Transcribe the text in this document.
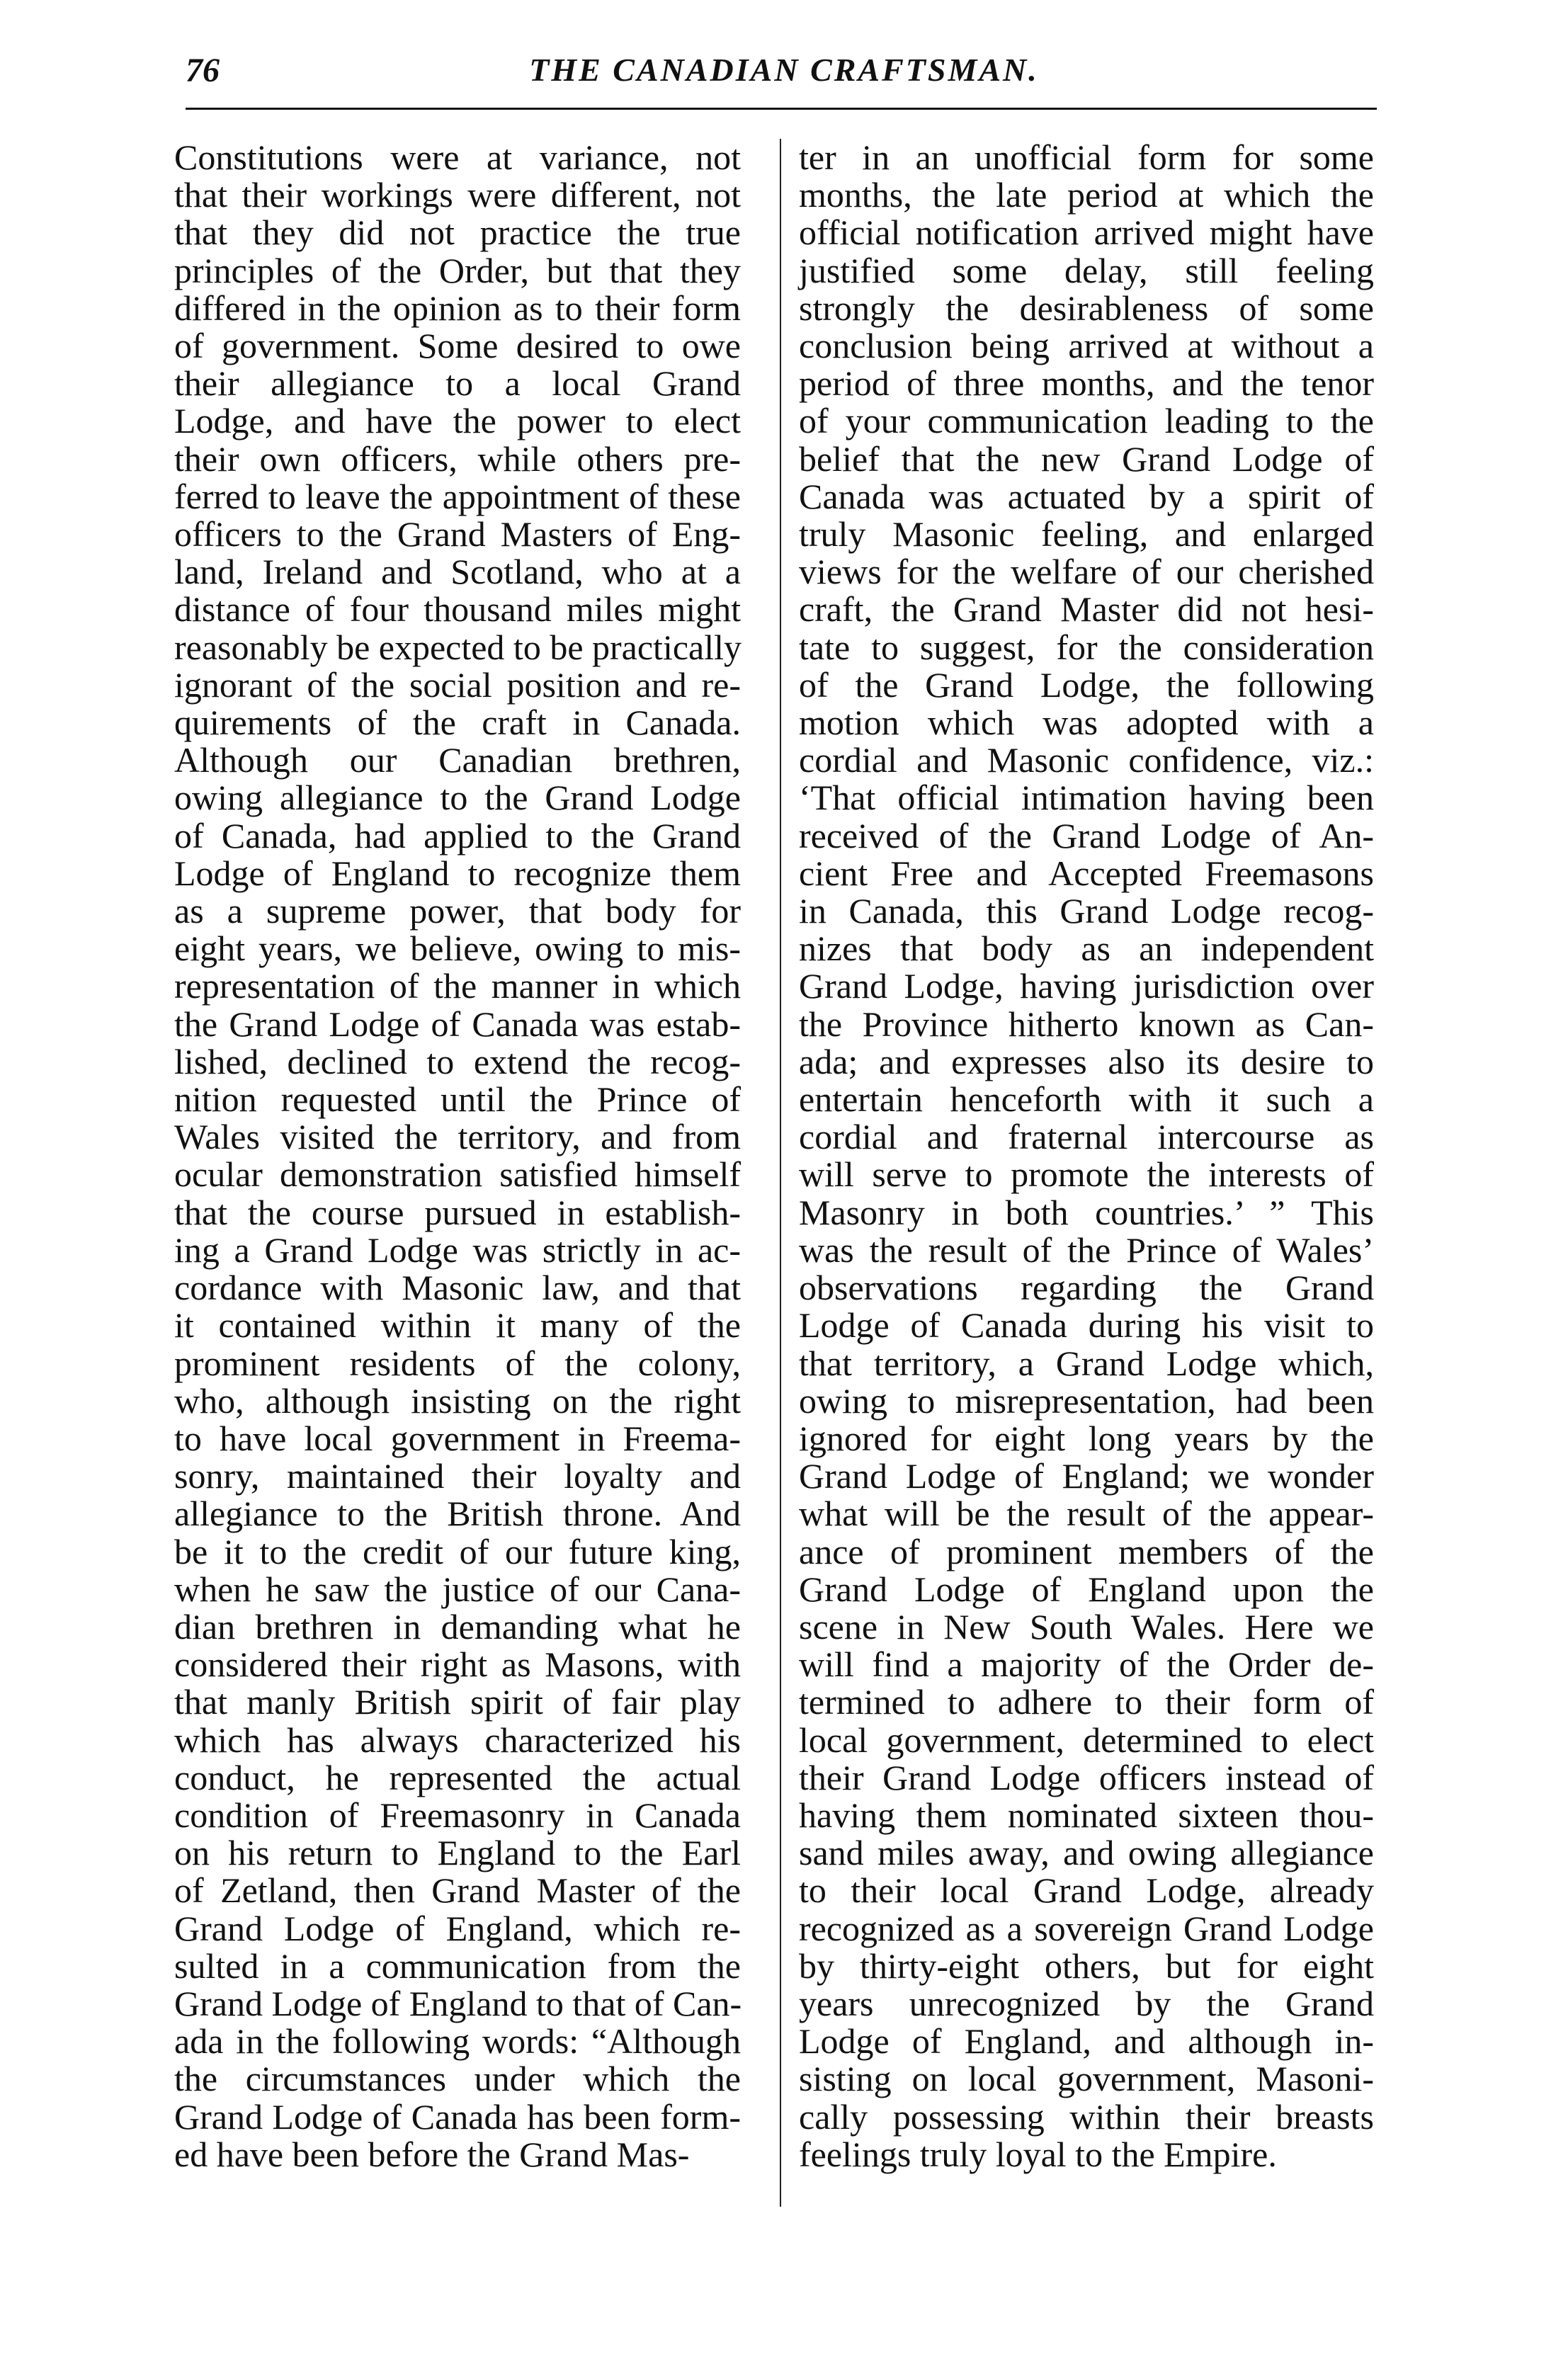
76	THE CANADIAN CRAFTSMAN.
Constitutions were at variance, not
that their workings were different, not
that they did not practice the true
principles of the Order, but that they
differed in the opinion as to their form
of government. Some desired to owe
their allegiance to a local Grand
Lodge, and have the power to elect
their own officers, while others pre-
ferred to leave the appointment of these
officers to the Grand Masters of Eng-
land, Ireland and Scotland, who at a
distance of four thousand miles might
reasonably be expected to be practically
ignorant of the social position and re-
quirements of the craft in Canada.
Although our Canadian brethren,
owing allegiance to the Grand Lodge
of Canada, had applied to the Grand
Lodge of England to recognize them
as a supreme power, that body for
eight years, we believe, owing to mis-
representation of the manner in which
the Grand Lodge of Canada was estab-
lished, declined to extend the recog-
nition requested until the Prince of
Wales visited the territory, and from
ocular demonstration satisfied himself
that the course pursued in establish-
ing a Grand Lodge was strictly in ac-
cordance with Masonic law, and that
it contained within it many of the
prominent residents of the colony,
who, although insisting on the right
to have local government in Freema-
sonry, maintained their loyalty and
allegiance to the British throne. And
be it to the credit of our future king,
when he saw the justice of our Cana-
dian brethren in demanding what he
considered their right as Masons, with
that manly British spirit of fair play
which has always characterized his
conduct, he represented the actual
condition of Freemasonry in Canada
on his return to England to the Earl
of Zetland, then Grand Master of the
Grand Lodge of England, which re-
sulted in a communication from the
Grand Lodge of England to that of Can-
ada in the following words: “Although
the circumstances under which the
Grand Lodge of Canada has been form-
ed have been before the Grand Mas-
ter in an unofficial form for some
months, the late period at which the
official notification arrived might have
justified some delay, still feeling
strongly the desirableness of some
conclusion being arrived at without a
period of three months, and the tenor
of your communication leading to the
belief that the new Grand Lodge of
Canada was actuated by a spirit of
truly Masonic feeling, and enlarged
views for the welfare of our cherished
craft, the Grand Master did not hesi-
tate to suggest, for the consideration
of the Grand Lodge, the following
motion which was adopted with a
cordial and Masonic confidence, viz.:
‘That official intimation having been
received of the Grand Lodge of An-
cient Free and Accepted Freemasons
in Canada, this Grand Lodge recog-
nizes that body as an independent
Grand Lodge, having jurisdiction over
the Province hitherto known as Can-
ada; and expresses also its desire to
entertain henceforth with it such a
cordial and fraternal intercourse as
will serve to promote the interests of
Masonry in both countries.’ ” This
was the result of the Prince of Wales’
observations regarding the Grand
Lodge of Canada during his visit to
that territory, a Grand Lodge which,
owing to misrepresentation, had been
ignored for eight long years by the
Grand Lodge of England; we wonder
what will be the result of the appear-
ance of prominent members of the
Grand Lodge of England upon the
scene in New South Wales. Here we
will find a majority of the Order de-
termined to adhere to their form of
local government, determined to elect
their Grand Lodge officers instead of
having them nominated sixteen thou-
sand miles away, and owing allegiance
to their local Grand Lodge, already
recognized as a sovereign Grand Lodge
by thirty-eight others, but for eight
years unrecognized by the Grand
Lodge of England, and although in-
sisting on local government, Masoni-
cally possessing within their breasts
feelings truly loyal to the Empire.
